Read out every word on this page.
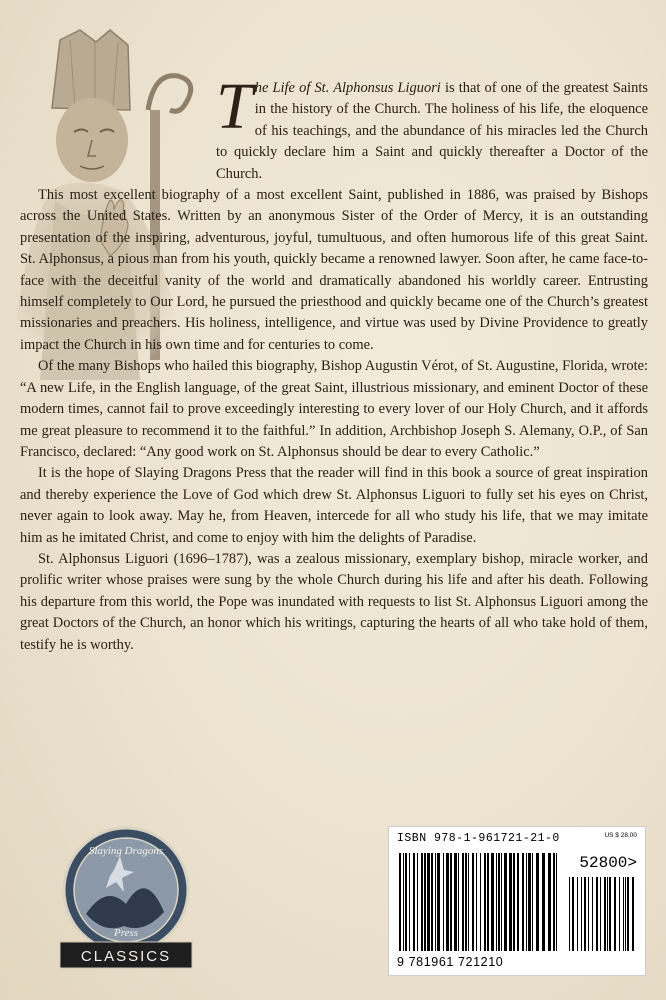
The Life of St. Alphonsus Liguori is that of one of the greatest Saints in the history of the Church. The holiness of his life, the eloquence of his teachings, and the abundance of his miracles led the Church to quickly declare him a Saint and quickly thereafter a Doctor of the Church.

This most excellent biography of a most excellent Saint, published in 1886, was praised by Bishops across the United States. Written by an anonymous Sister of the Order of Mercy, it is an outstanding presentation of the inspiring, adventurous, joyful, tumultuous, and often humorous life of this great Saint. St. Alphonsus, a pious man from his youth, quickly became a renowned lawyer. Soon after, he came face-to-face with the deceitful vanity of the world and dramatically abandoned his worldly career. Entrusting himself completely to Our Lord, he pursued the priesthood and quickly became one of the Church’s greatest missionaries and preachers. His holiness, intelligence, and virtue was used by Divine Providence to greatly impact the Church in his own time and for centuries to come.

Of the many Bishops who hailed this biography, Bishop Augustin Vérot, of St. Augustine, Florida, wrote: “A new Life, in the English language, of the great Saint, illustrious missionary, and eminent Doctor of these modern times, cannot fail to prove exceedingly interesting to every lover of our Holy Church, and it affords me great pleasure to recommend it to the faithful.” In addition, Archbishop Joseph S. Alemany, O.P., of San Francisco, declared: “Any good work on St. Alphonsus should be dear to every Catholic.”

It is the hope of Slaying Dragons Press that the reader will find in this book a source of great inspiration and thereby experience the Love of God which drew St. Alphonsus Liguori to fully set his eyes on Christ, never again to look away. May he, from Heaven, intercede for all who study his life, that we may imitate him as he imitated Christ, and come to enjoy with him the delights of Paradise.

St. Alphonsus Liguori (1696–1787), was a zealous missionary, exemplary bishop, miracle worker, and prolific writer whose praises were sung by the whole Church during his life and after his death. Following his departure from this world, the Pope was inundated with requests to list St. Alphonsus Liguori among the great Doctors of the Church, an honor which his writings, capturing the hearts of all who take hold of them, testify he is worthy.

Slaying Dragons
Press
CLASSICS
ISBN 978-1-961721-21-0	US $ 28.00
52800>
9 781961 721210
